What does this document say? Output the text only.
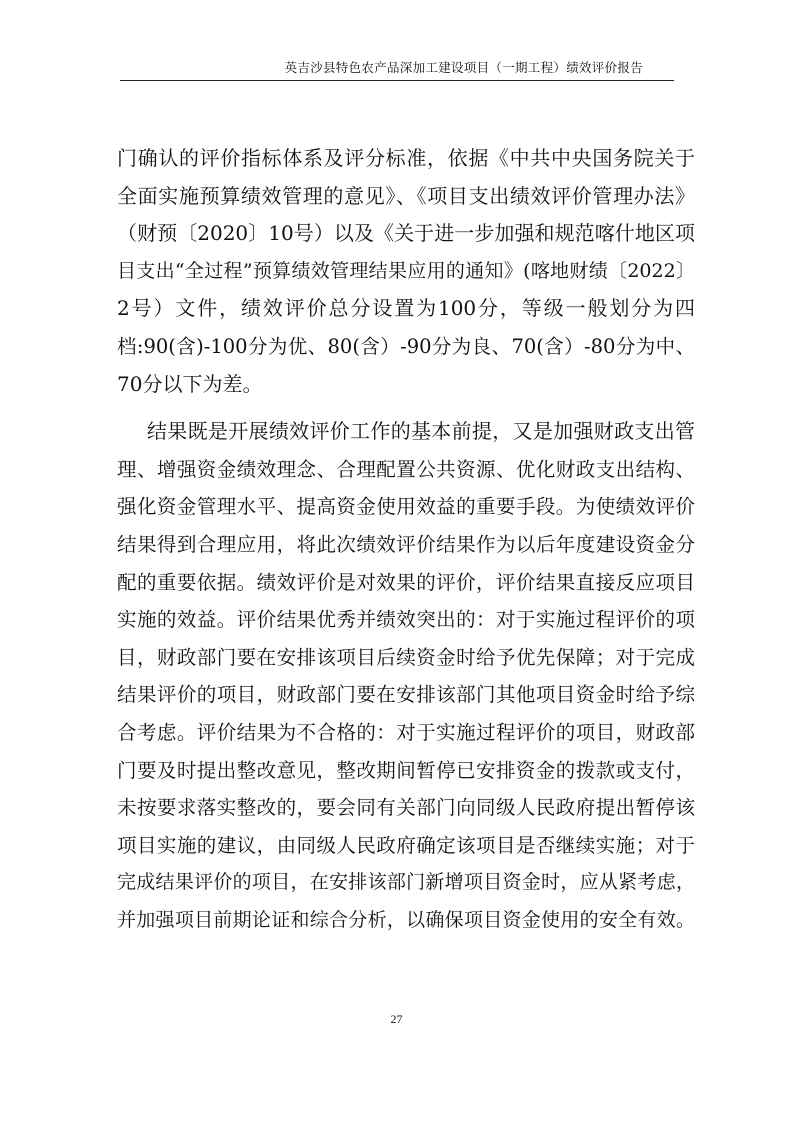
英吉沙县特色农产品深加工建设项目（一期工程）绩效评价报告
门确认的评价指标体系及评分标准，依据《中共中央国务院关于
全面实施预算绩效管理的意见》、《项目支出绩效评价管理办法》
（财预〔2020〕10号）以及《关于进一步加强和规范喀什地区项
目支出“全过程”预算绩效管理结果应用的通知》(喀地财绩〔2022〕
2号）文件，绩效评价总分设置为100分，等级一般划分为四
档:90(含)-100分为优、80(含）-90分为良、70(含）-80分为中、
70分以下为差。
结果既是开展绩效评价工作的基本前提，又是加强财政支出管
理、增强资金绩效理念、合理配置公共资源、优化财政支出结构、
强化资金管理水平、提高资金使用效益的重要手段。为使绩效评价
结果得到合理应用，将此次绩效评价结果作为以后年度建设资金分
配的重要依据。绩效评价是对效果的评价，评价结果直接反应项目
实施的效益。评价结果优秀并绩效突出的：对于实施过程评价的项
目，财政部门要在安排该项目后续资金时给予优先保障；对于完成
结果评价的项目，财政部门要在安排该部门其他项目资金时给予综
合考虑。评价结果为不合格的：对于实施过程评价的项目，财政部
门要及时提出整改意见，整改期间暂停已安排资金的拨款或支付，
未按要求落实整改的，要会同有关部门向同级人民政府提出暂停该
项目实施的建议，由同级人民政府确定该项目是否继续实施；对于
完成结果评价的项目，在安排该部门新增项目资金时，应从紧考虑，
并加强项目前期论证和综合分析，以确保项目资金使用的安全有效。
27
